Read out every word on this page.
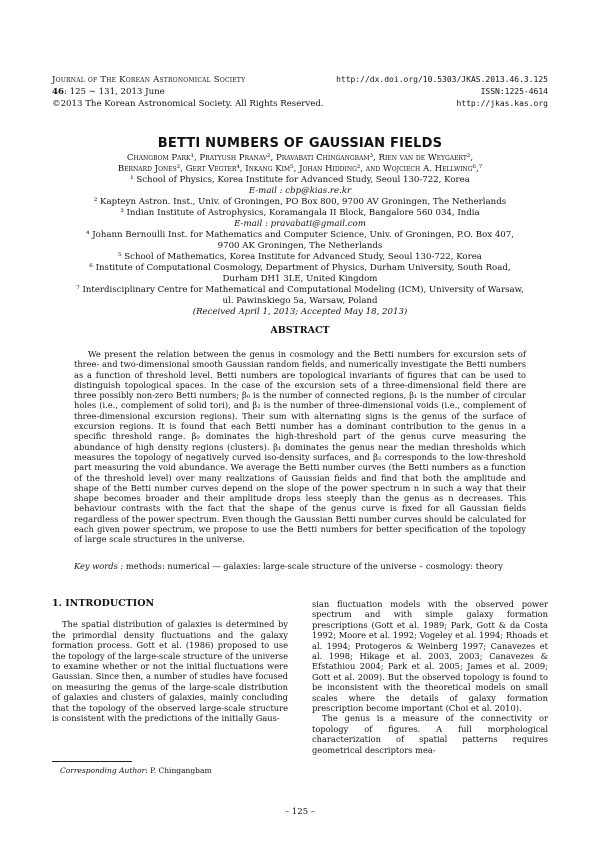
Journal of The Korean Astronomical Society
46: 125 ∼ 131, 2013 June
©2013 The Korean Astronomical Society. All Rights Reserved.
http://dx.doi.org/10.5303/JKAS.2013.46.3.125
ISSN:1225-4614
http://jkas.kas.org
BETTI NUMBERS OF GAUSSIAN FIELDS
Changbom Park¹, Pratyush Pranav², Pravabati Chingangbam³, Rien van de Weygaert²,
Bernard Jones², Gert Vegter⁴, Inkang Kim⁵, Johan Hidding², and Wojciech A. Hellwing⁶,⁷
¹ School of Physics, Korea Institute for Advanced Study, Seoul 130-722, Korea
E-mail : cbp@kias.re.kr
² Kapteyn Astron. Inst., Univ. of Groningen, PO Box 800, 9700 AV Groningen, The Netherlands
³ Indian Institute of Astrophysics, Koramangala II Block, Bangalore 560 034, India
E-mail : pravabati@gmail.com
⁴ Johann Bernoulli Inst. for Mathematics and Computer Science, Univ. of Groningen, P.O. Box 407,
9700 AK Groningen, The Netherlands
⁵ School of Mathematics, Korea Institute for Advanced Study, Seoul 130-722, Korea
⁶ Institute of Computational Cosmology, Department of Physics, Durham University, South Road,
Durham DH1 3LE, United Kingdom
⁷ Interdisciplinary Centre for Mathematical and Computational Modeling (ICM), University of Warsaw,
ul. Pawinskiego 5a, Warsaw, Poland
(Received April 1, 2013; Accepted May 18, 2013)
ABSTRACT

We present the relation between the genus in cosmology and the Betti numbers for excursion sets of three- and two-dimensional smooth Gaussian random fields, and numerically investigate the Betti numbers as a function of threshold level. Betti numbers are topological invariants of figures that can be used to distinguish topological spaces. In the case of the excursion sets of a three-dimensional field there are three possibly non-zero Betti numbers; β₀ is the number of connected regions, β₁ is the number of circular holes (i.e., complement of solid tori), and β₂ is the number of three-dimensional voids (i.e., complement of three-dimensional excursion regions). Their sum with alternating signs is the genus of the surface of excursion regions. It is found that each Betti number has a dominant contribution to the genus in a specific threshold range. β₀ dominates the high-threshold part of the genus curve measuring the abundance of high density regions (clusters). β₁ dominates the genus near the median thresholds which measures the topology of negatively curved iso-density surfaces, and β₂ corresponds to the low-threshold part measuring the void abundance. We average the Betti number curves (the Betti numbers as a function of the threshold level) over many realizations of Gaussian fields and find that both the amplitude and shape of the Betti number curves depend on the slope of the power spectrum n in such a way that their shape becomes broader and their amplitude drops less steeply than the genus as n decreases. This behaviour contrasts with the fact that the shape of the genus curve is fixed for all Gaussian fields regardless of the power spectrum. Even though the Gaussian Betti number curves should be calculated for each given power spectrum, we propose to use the Betti numbers for better specification of the topology of large scale structures in the universe.

Key words : methods: numerical — galaxies: large-scale structure of the universe – cosmology: theory
1. INTRODUCTION

The spatial distribution of galaxies is determined by the primordial density fluctuations and the galaxy formation process. Gott et al. (1986) proposed to use the topology of the large-scale structure of the universe to examine whether or not the initial fluctuations were Gaussian. Since then, a number of studies have focused on measuring the genus of the large-scale distribution of galaxies and clusters of galaxies, mainly concluding that the topology of the observed large-scale structure is consistent with the predictions of the initially Gaus-

sian fluctuation models with the observed power spectrum and with simple galaxy formation prescriptions (Gott et al. 1989; Park, Gott & da Costa 1992; Moore et al. 1992; Vogeley et al. 1994; Rhoads et al. 1994; Protogeros & Weinberg 1997; Canavezes et al. 1998; Hikage et al. 2003, 2003; Canavezes & Efstathiou 2004; Park et al. 2005; James et al. 2009; Gott et al. 2009). But the observed topology is found to be inconsistent with the theoretical models on small scales where the details of galaxy formation prescription become important (Choi et al. 2010).

The genus is a measure of the connectivity or topology of figures. A full morphological characterization of spatial patterns requires geometrical descriptors mea-

Corresponding Author: P. Chingangbam
– 125 –
